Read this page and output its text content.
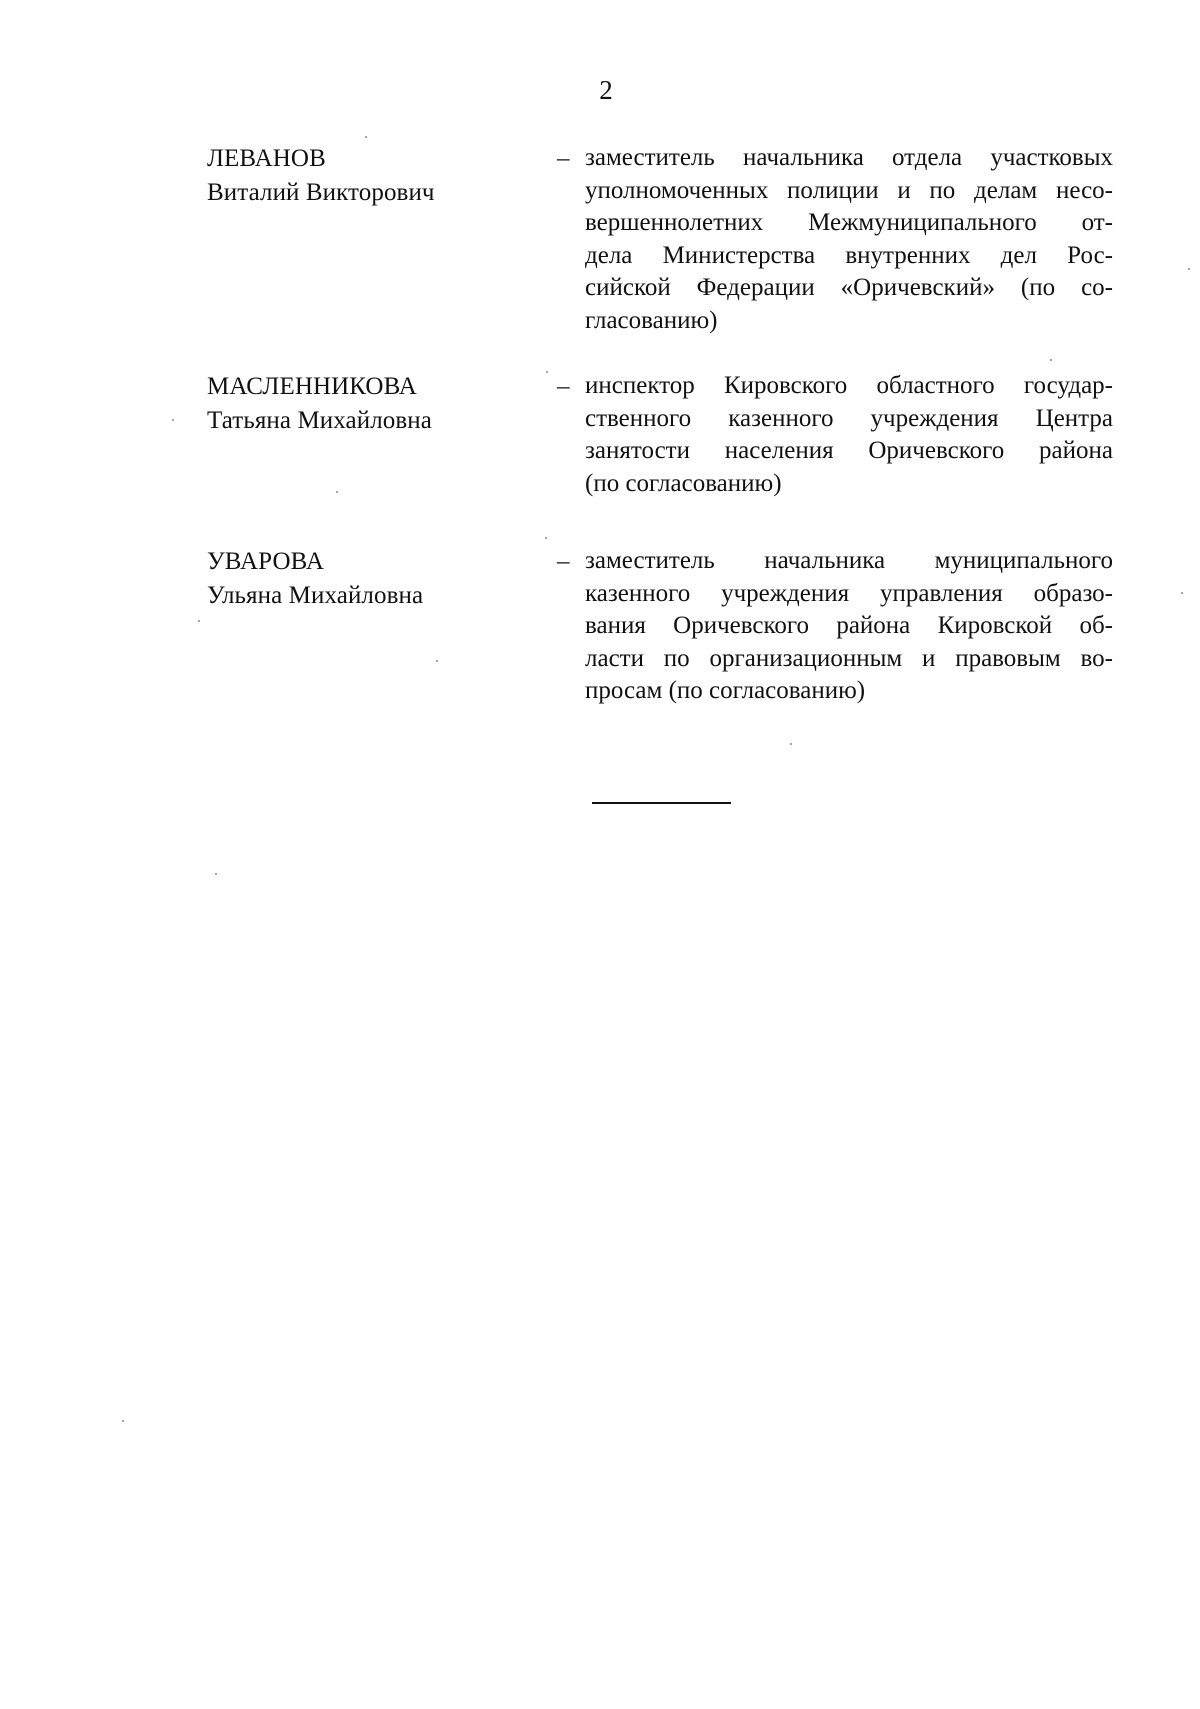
2
ЛЕВАНОВ
Виталий Викторович
– заместитель начальника отдела участковых
уполномоченных полиции и по делам несо-
вершеннолетних Межмуниципального от-
дела Министерства внутренних дел Рос-
сийской Федерации «Оричевский» (по со-
гласованию)
МАСЛЕННИКОВА
Татьяна Михайловна
– инспектор Кировского областного государ-
ственного казенного учреждения Центра
занятости населения Оричевского района
(по согласованию)
УВАРОВА
Ульяна Михайловна
– заместитель начальника муниципального
казенного учреждения управления образо-
вания Оричевского района Кировской об-
ласти по организационным и правовым во-
просам (по согласованию)
